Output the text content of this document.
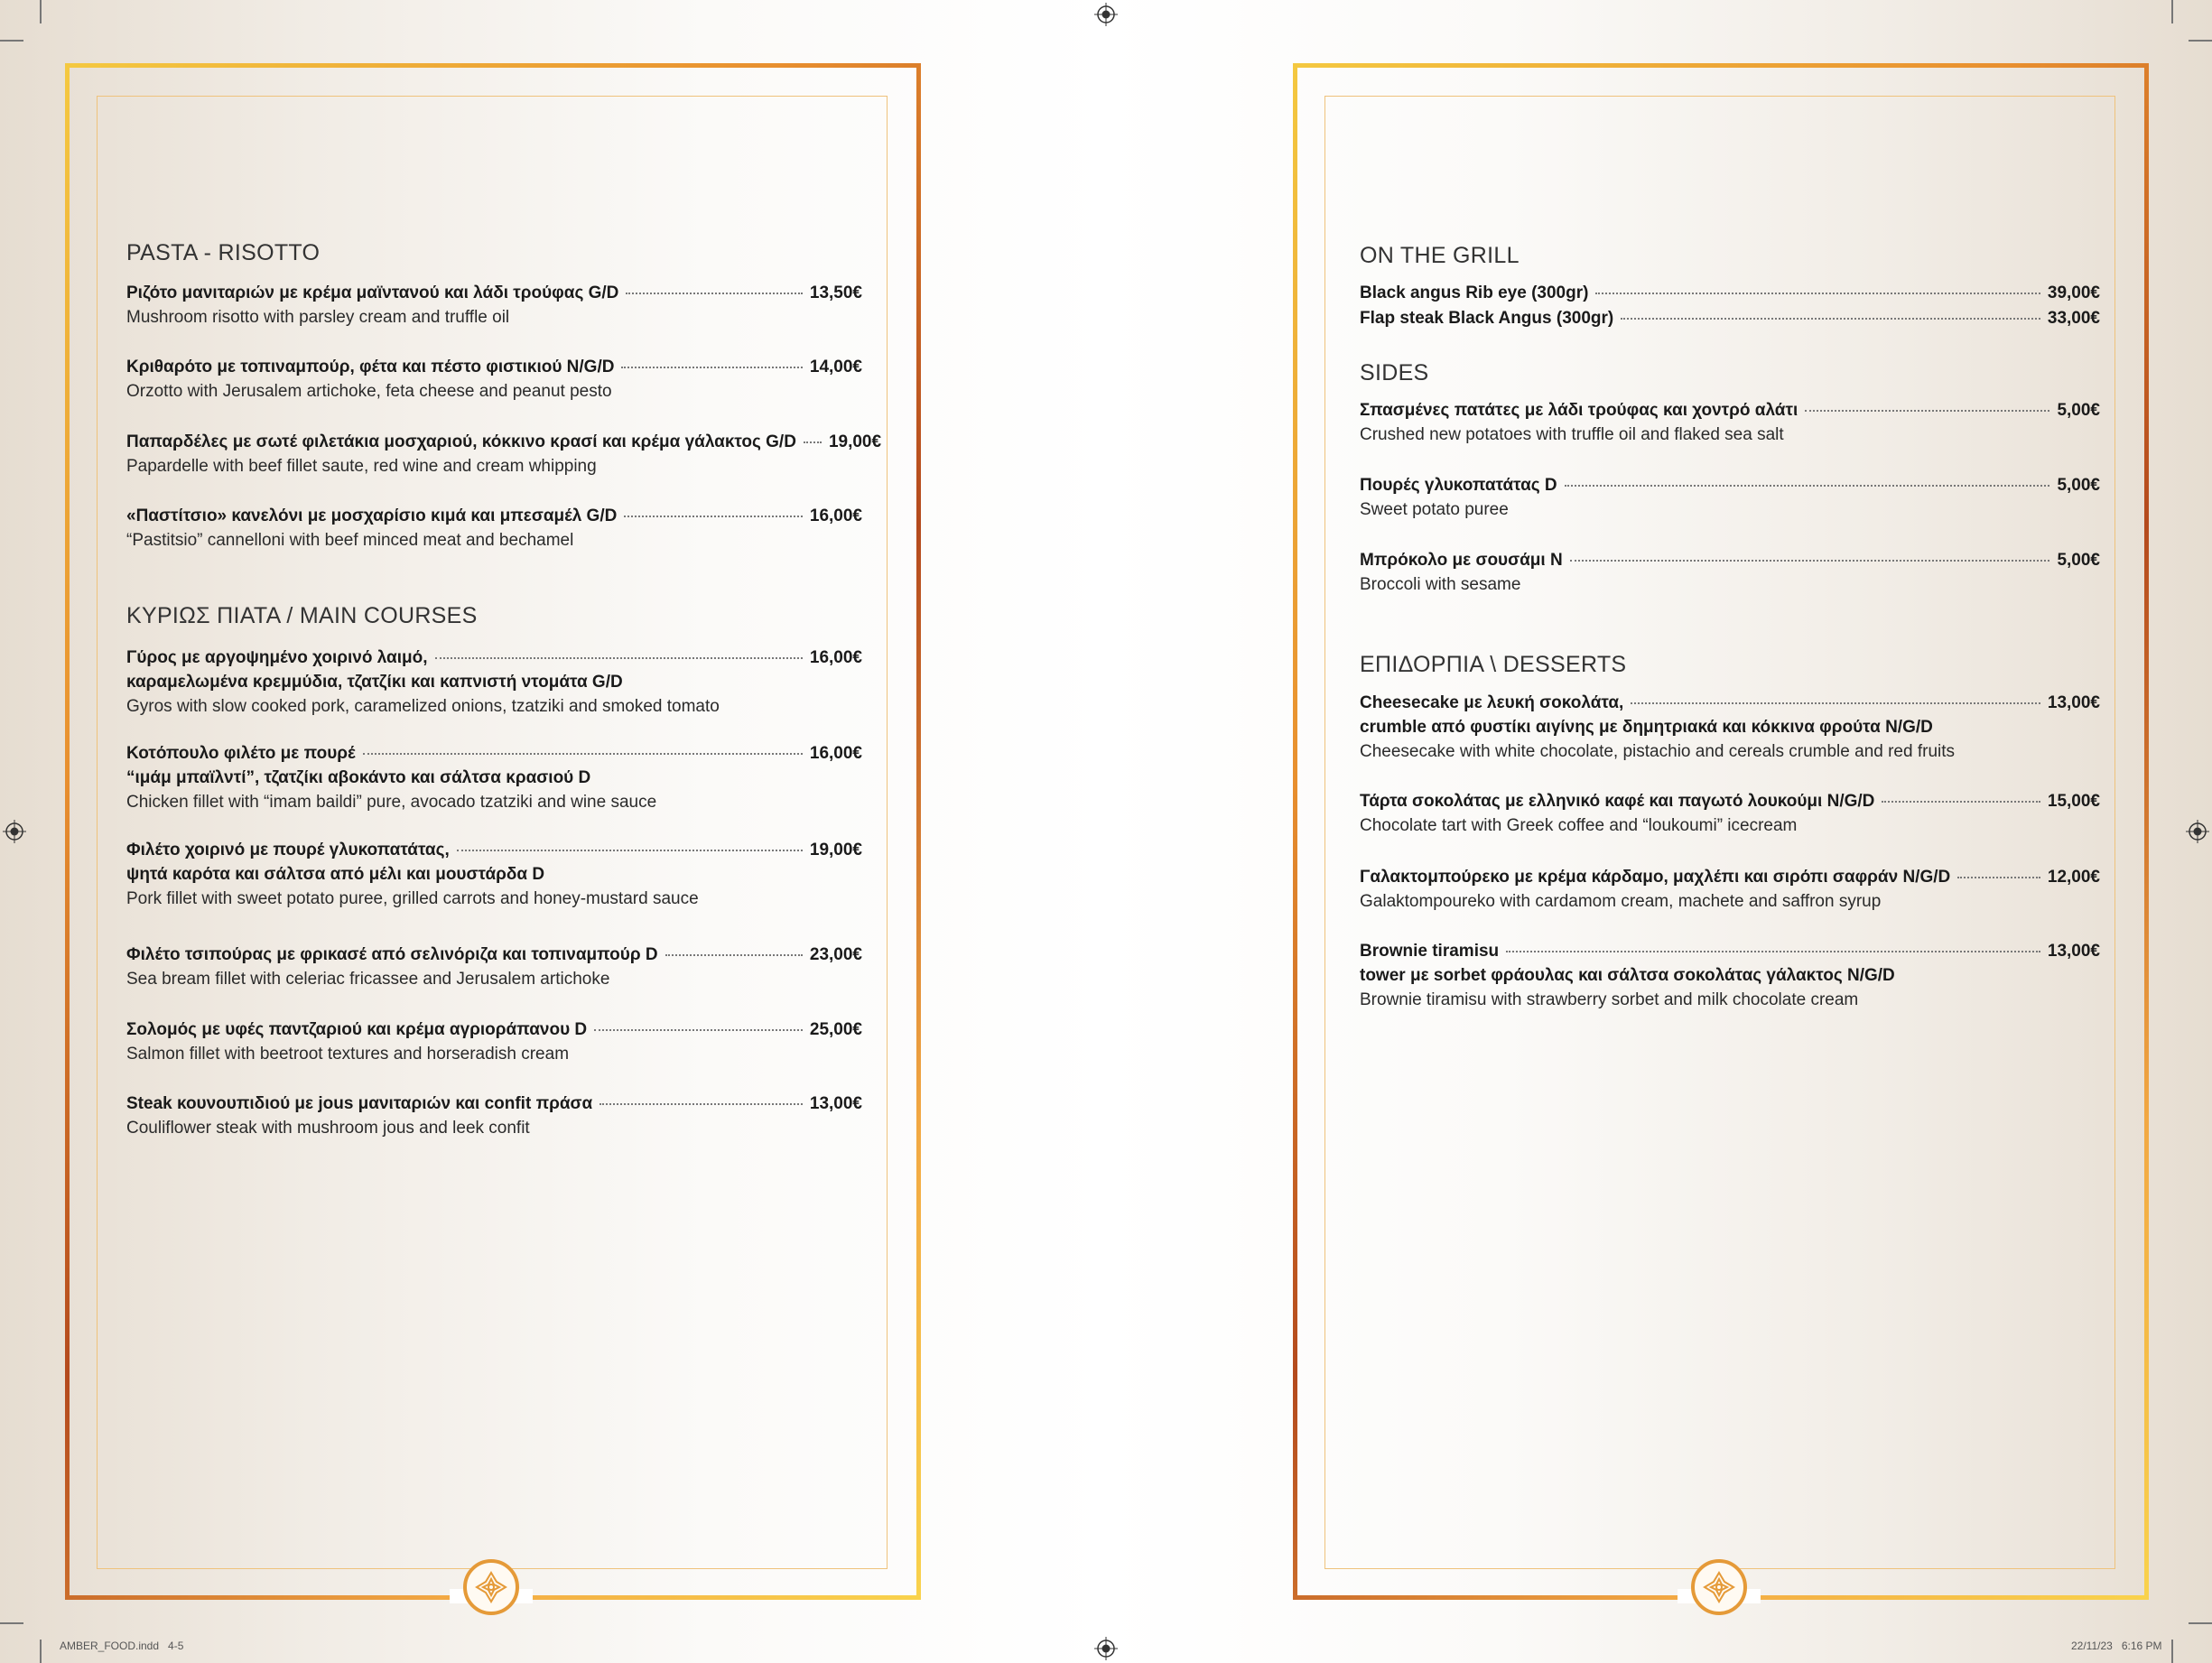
PASTA - RISOTTO
Ριζότο μανιταριών με κρέμα μαϊντανού και λάδι τρούφας G/D	13,50€
Mushroom risotto with parsley cream and truffle oil
Κριθαρότο με τοπιναμπούρ, φέτα και πέστο φιστικιού N/G/D	14,00€
Orzotto with Jerusalem artichoke, feta cheese and peanut pesto
Παπαρδέλες με σωτέ φιλετάκια μοσχαριού, κόκκινο κρασί και κρέμα γάλακτος G/D 19,00€
Papardelle with beef fillet saute, red wine and cream whipping
«Παστίτσιο» κανελόνι με μοσχαρίσιο κιμά και μπεσαμέλ G/D	16,00€
“Pastitsio” cannelloni with beef minced meat and bechamel
ΚΥΡΙΩΣ ΠΙΑΤΑ / MAIN COURSES
Γύρος με αργοψημένο χοιρινό λαιμό,	16,00€
καραμελωμένα κρεμμύδια, τζατζίκι και καπνιστή ντομάτα G/D
Gyros with slow cooked pork, caramelized onions, tzatziki and smoked tomato
Κοτόπουλο φιλέτο με πουρέ	16,00€
“ιμάμ μπαϊλντί”, τζατζίκι αβοκάντο και σάλτσα κρασιού D
Chicken fillet with “imam baildi” pure, avocado tzatziki and wine sauce
Φιλέτο χοιρινό με πουρέ γλυκοπατάτας,	19,00€
ψητά καρότα και σάλτσα από μέλι και μουστάρδα D
Pork fillet with sweet potato puree, grilled carrots and honey-mustard sauce
Φιλέτο τσιπούρας με φρικασέ από σελινόριζα και τοπιναμπούρ D	23,00€
Sea bream fillet with celeriac fricassee and Jerusalem artichoke
Σολομός με υφές παντζαριού και κρέμα αγριοράπανου D	25,00€
Salmon fillet with beetroot textures and horseradish cream
Steak κουνουπιδιού με jous μανιταριών και confit πράσα	13,00€
Couliflower steak with mushroom jous and leek confit
ON THE GRILL
Black angus Rib eye (300gr)	39,00€
Flap steak Black Angus (300gr)	33,00€
SIDES
Σπασμένες πατάτες με λάδι τρούφας και χοντρό αλάτι	5,00€
Crushed new potatoes with truffle oil and flaked sea salt
Πουρές γλυκοπατάτας D	5,00€
Sweet potato puree
Μπρόκολο με σουσάμι N	5,00€
Broccoli with sesame
ΕΠΙΔΟΡΠΙΑ \ DESSERTS
Cheesecake με λευκή σοκολάτα,	13,00€
crumble από φυστίκι αιγίνης με δημητριακά και κόκκινα φρούτα N/G/D
Cheesecake with white chocolate, pistachio and cereals crumble and red fruits
Τάρτα σοκολάτας με ελληνικό καφέ και παγωτό λουκούμι N/G/D	15,00€
Chocolate tart with Greek coffee and “loukoumi” icecream
Γαλακτομπούρεκο με κρέμα κάρδαμο, μαχλέπι και σιρόπι σαφράν N/G/D	12,00€
Galaktompoureko with cardamom cream, machete and saffron syrup
Brownie tiramisu	13,00€
tower με sorbet φράουλας και σάλτσα σοκολάτας γάλακτος N/G/D
Brownie tiramisu with strawberry sorbet and milk chocolate cream
AMBER_FOOD.indd   4-5	22/11/23   6:16 PM
